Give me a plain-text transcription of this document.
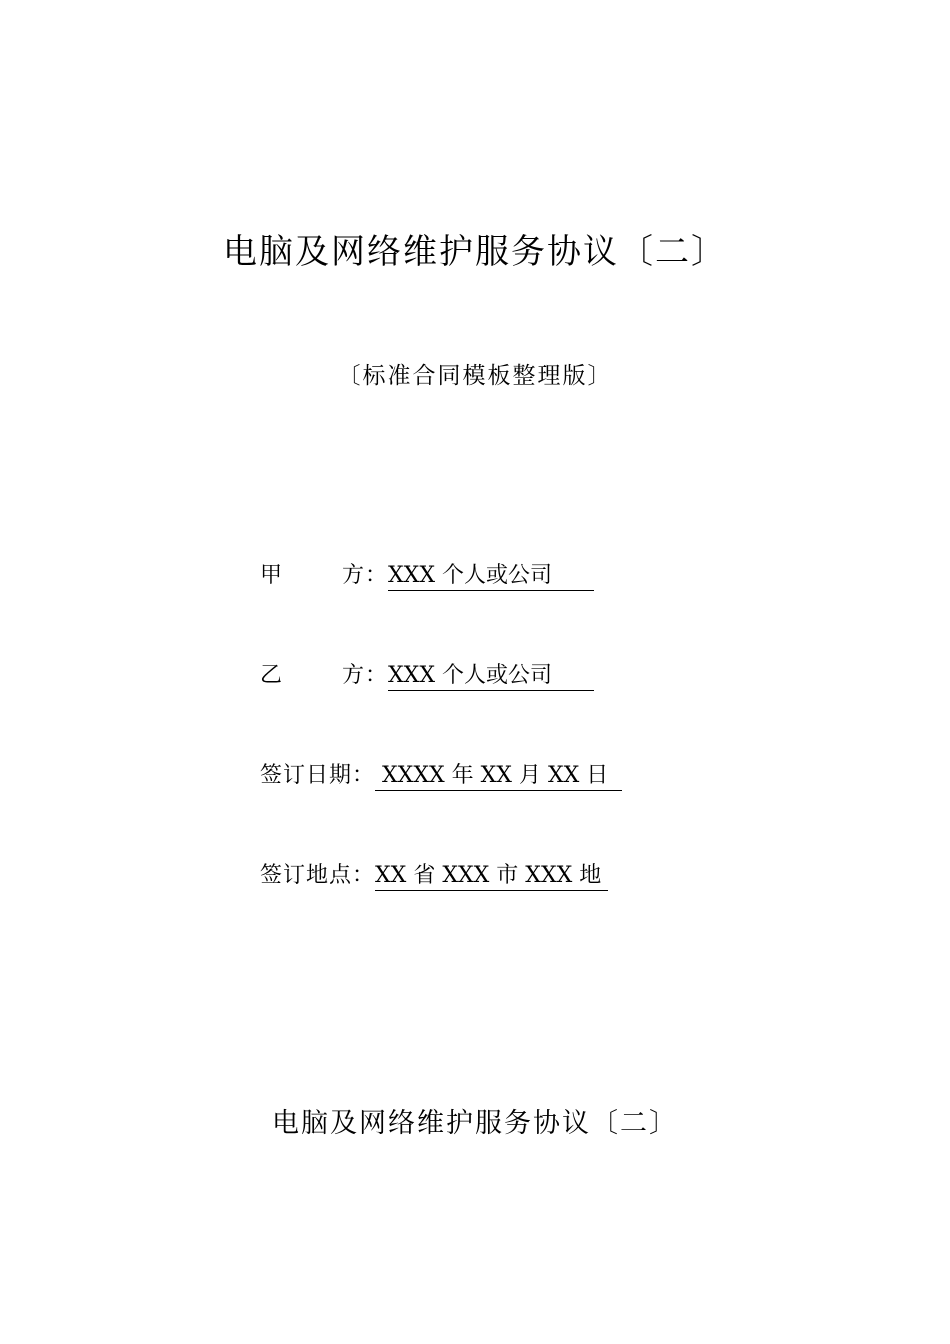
电脑及网络维护服务协议〔二〕
〔标准合同模板整理版〕
甲	方： XXX 个人或公司
乙	方： XXX 个人或公司
签订日期： XXXX 年 XX 月 XX 日
签订地点： XX 省 XXX 市 XXX 地
电脑及网络维护服务协议〔二〕
